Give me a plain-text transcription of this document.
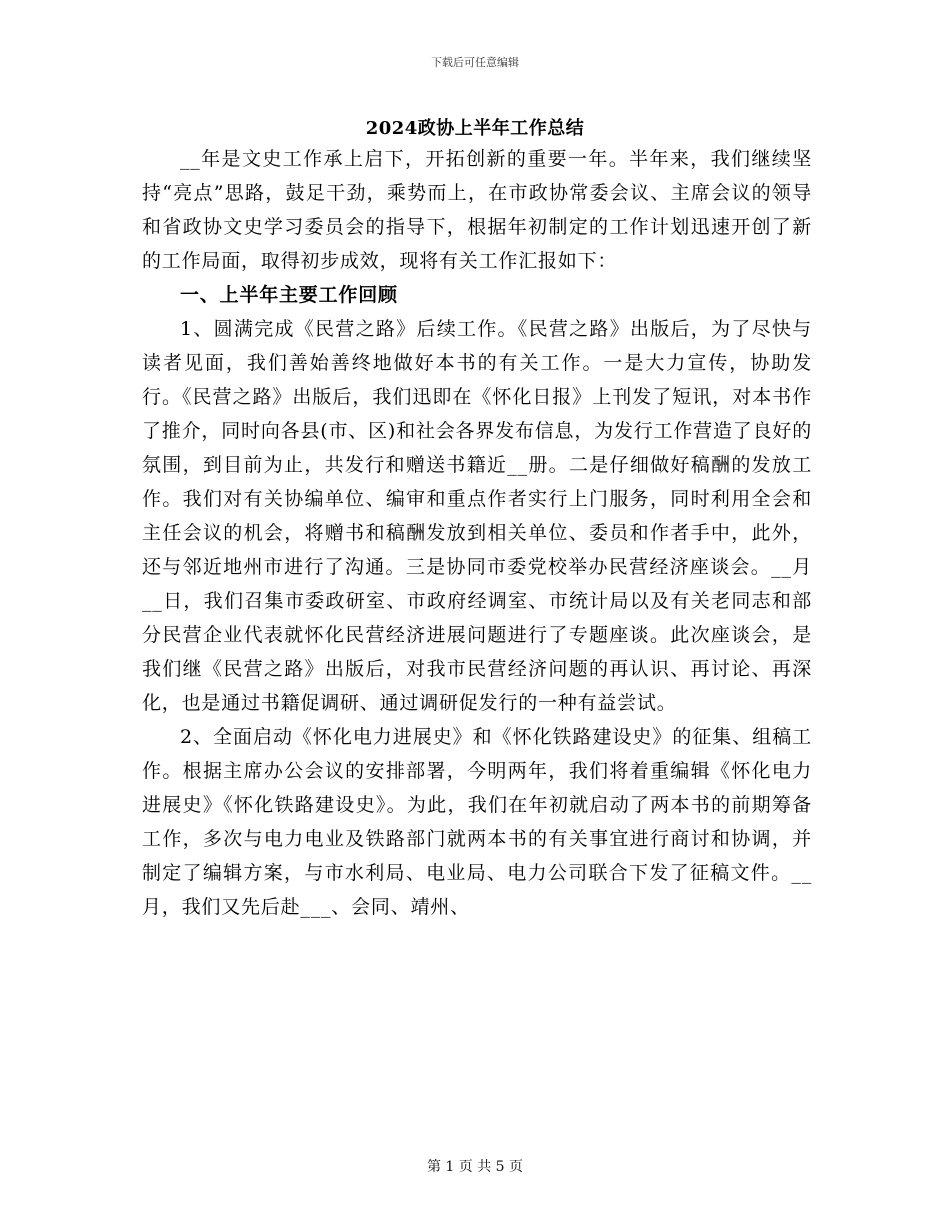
下载后可任意编辑
2024政协上半年工作总结

__年是文史工作承上启下，开拓创新的重要一年。半年来，我们继续坚持“亮点”思路，鼓足干劲，乘势而上，在市政协常委会议、主席会议的领导和省政协文史学习委员会的指导下，根据年初制定的工作计划迅速开创了新的工作局面，取得初步成效，现将有关工作汇报如下：

一、上半年主要工作回顾

1、圆满完成《民营之路》后续工作。《民营之路》出版后，为了尽快与读者见面，我们善始善终地做好本书的有关工作。一是大力宣传，协助发行。《民营之路》出版后，我们迅即在《怀化日报》上刊发了短讯，对本书作了推介，同时向各县(市、区)和社会各界发布信息，为发行工作营造了良好的氛围，到目前为止，共发行和赠送书籍近__册。二是仔细做好稿酬的发放工作。我们对有关协编单位、编审和重点作者实行上门服务，同时利用全会和主任会议的机会，将赠书和稿酬发放到相关单位、委员和作者手中，此外，还与邻近地州市进行了沟通。三是协同市委党校举办民营经济座谈会。__月__日，我们召集市委政研室、市政府经调室、市统计局以及有关老同志和部分民营企业代表就怀化民营经济进展问题进行了专题座谈。此次座谈会，是我们继《民营之路》出版后，对我市民营经济问题的再认识、再讨论、再深化，也是通过书籍促调研、通过调研促发行的一种有益尝试。

2、全面启动《怀化电力进展史》和《怀化铁路建设史》的征集、组稿工作。根据主席办公会议的安排部署，今明两年，我们将着重编辑《怀化电力进展史》《怀化铁路建设史》。为此，我们在年初就启动了两本书的前期筹备工作，多次与电力电业及铁路部门就两本书的有关事宜进行商讨和协调，并制定了编辑方案，与市水利局、电业局、电力公司联合下发了征稿文件。__月，我们又先后赴___、会同、靖州、

第 1 页 共 5 页
